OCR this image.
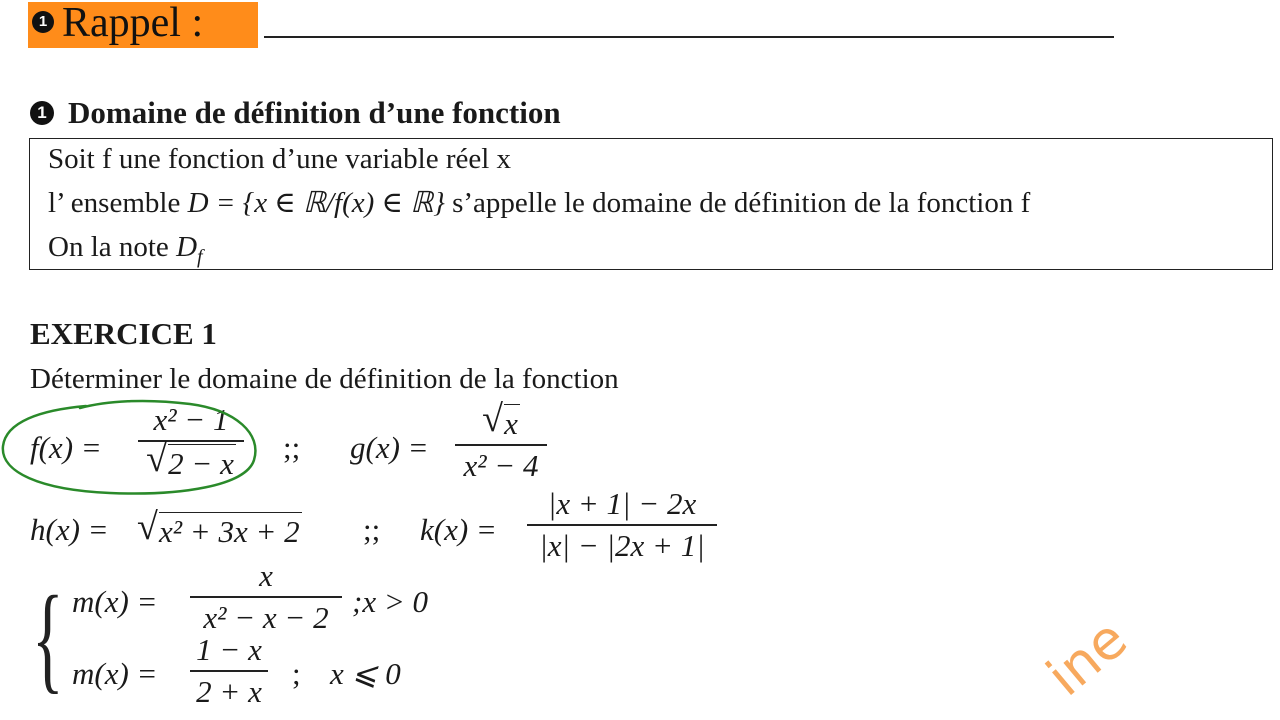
1 Rappel :
1 Domaine de définition d’une fonction
Soit f une fonction d’une variable réel x
l’ ensemble D = {x ∈ ℝ/f(x) ∈ ℝ} s’appelle le domaine de définition de la fonction f
On la note $D_f$
EXERCICE 1
Déterminer le domaine de définition de la fonction
f(x) =
x² − 1
√ 2 − x	;; g(x) =
√ x
x² − 4
h(x) = √ x² + 3x + 2 ;; k(x) =
|x + 1| − 2x
|x| − |2x + 1|
{ m(x) =
x
x² − x − 2 ;x > 0
m(x) =
1 − x
2 + x ; x ⩽ 0	ine
